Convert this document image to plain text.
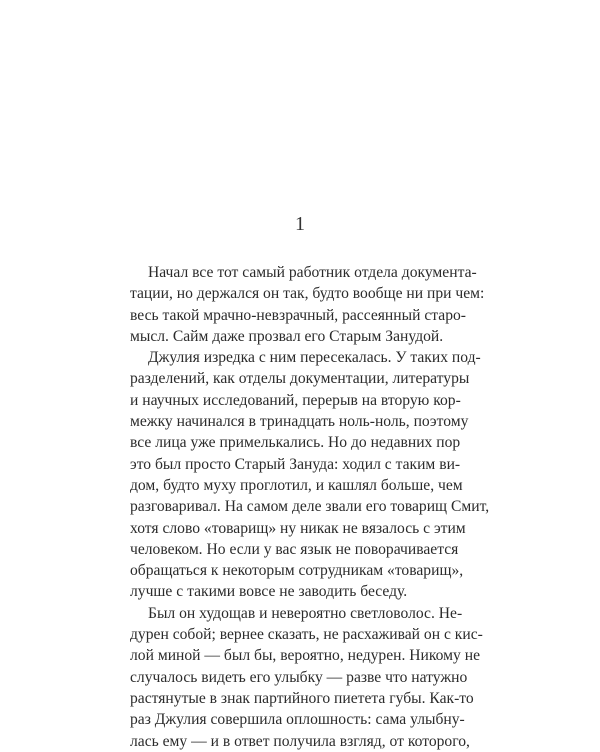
1
Начал все тот самый работник отдела документа-
тации, но держался он так, будто вообще ни при чем:
весь такой мрачно-невзрачный, рассеянный старо-
мысл. Сайм даже прозвал его Старым Занудой.
Джулия изредка с ним пересекалась. У таких под-
разделений, как отделы документации, литературы
и научных исследований, перерыв на вторую кор-
межку начинался в тринадцать ноль-ноль, поэтому
все лица уже примелькались. Но до недавних пор
это был просто Старый Зануда: ходил с таким ви-
дом, будто муху проглотил, и кашлял больше, чем
разговаривал. На самом деле звали его товарищ Смит,
хотя слово «товарищ» ну никак не вязалось с этим
человеком. Но если у вас язык не поворачивается
обращаться к некоторым сотрудникам «товарищ»,
лучше с такими вовсе не заводить беседу.
Был он худощав и невероятно светловолос. Не-
дурен собой; вернее сказать, не расхаживай он с кис-
лой миной — был бы, вероятно, недурен. Никому не
случалось видеть его улыбку — разве что натужно
растянутые в знак партийного пиетета губы. Как-то
раз Джулия совершила оплошность: сама улыбну-
лась ему — и в ответ получила взгляд, от которого,
